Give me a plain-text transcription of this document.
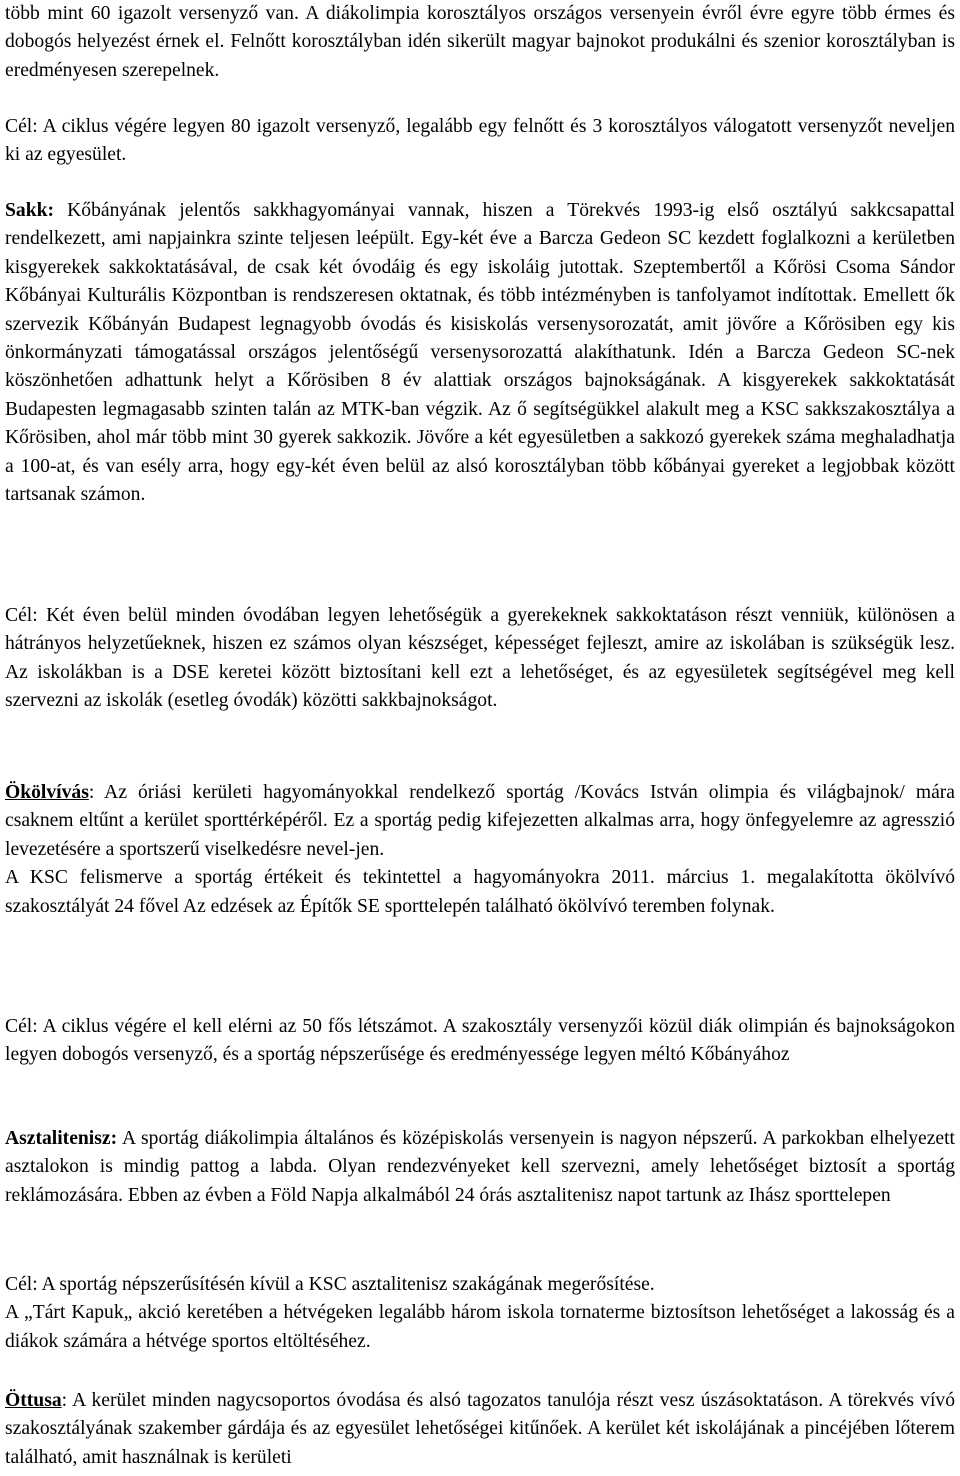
több mint 60 igazolt versenyző van. A diákolimpia korosztályos országos versenyein évről évre egyre több érmes és dobogós helyezést érnek el. Felnőtt korosztályban idén sikerült magyar bajnokot produkálni és szenior korosztályban is eredményesen szerepelnek.

Cél: A ciklus végére legyen 80 igazolt versenyző, legalább egy felnőtt és 3 korosztályos válogatott versenyzőt neveljen ki az egyesület.

Sakk: Kőbányának jelentős sakkhagyományai vannak, hiszen a Törekvés 1993-ig első osztályú sakkcsapattal rendelkezett, ami napjainkra szinte teljesen leépült. Egy-két éve a Barcza Gedeon SC kezdett foglalkozni a kerületben kisgyerekek sakkoktatásával, de csak két óvodáig és egy iskoláig jutottak. Szeptembertől a Kőrösi Csoma Sándor Kőbányai Kulturális Központban is rendszeresen oktatnak, és több intézményben is tanfolyamot indítottak. Emellett ők szervezik Kőbányán Budapest legnagyobb óvodás és kisiskolás versenysorozatát, amit jövőre a Kőrösiben egy kis önkormányzati támogatással országos jelentőségű versenysorozattá alakíthatunk. Idén a Barcza Gedeon SC-nek köszönhetően adhattunk helyt a Kőrösiben 8 év alattiak országos bajnokságának. A kisgyerekek sakkoktatását Budapesten legmagasabb szinten talán az MTK-ban végzik. Az ő segítségükkel alakult meg a KSC sakkszakosztálya a Kőrösiben, ahol már több mint 30 gyerek sakkozik. Jövőre a két egyesületben a sakkozó gyerekek száma meghaladhatja a 100-at, és van esély arra, hogy egy-két éven belül az alsó korosztályban több kőbányai gyereket a legjobbak között tartsanak számon.

Cél: Két éven belül minden óvodában legyen lehetőségük a gyerekeknek sakkoktatáson részt venniük, különösen a hátrányos helyzetűeknek, hiszen ez számos olyan készséget, képességet fejleszt, amire az iskolában is szükségük lesz. Az iskolákban is a DSE keretei között biztosítani kell ezt a lehetőséget, és az egyesületek segítségével meg kell szervezni az iskolák (esetleg óvodák) közötti sakkbajnokságot.

Ökölvívás: Az óriási kerületi hagyományokkal rendelkező sportág /Kovács István olimpia és világbajnok/ mára csaknem eltűnt a kerület sporttérképéről. Ez a sportág pedig kifejezetten alkalmas arra, hogy önfegyelemre az agresszió levezetésére a sportszerű viselkedésre nevel-jen.

A KSC felismerve a sportág értékeit és tekintettel a hagyományokra 2011. március 1. megalakította ökölvívó szakosztályát 24 fővel Az edzések az Építők SE sporttelepén található ökölvívó teremben folynak.

Cél: A ciklus végére el kell elérni az 50 fős létszámot. A szakosztály versenyzői közül diák olimpián és bajnokságokon legyen dobogós versenyző, és a sportág népszerűsége és eredményessége legyen méltó Kőbányához

Asztalitenisz: A sportág diákolimpia általános és középiskolás versenyein is nagyon népszerű. A parkokban elhelyezett asztalokon is mindig pattog a labda. Olyan rendezvényeket kell szervezni, amely lehetőséget biztosít a sportág reklámozására. Ebben az évben a Föld Napja alkalmából 24 órás asztalitenisz napot tartunk az Ihász sporttelepen

Cél: A sportág népszerűsítésén kívül a KSC asztalitenisz szakágának megerősítése.

A „Tárt Kapuk„ akció keretében a hétvégeken legalább három iskola tornaterme biztosítson lehetőséget a lakosság és a diákok számára a hétvége sportos eltöltéséhez.

Öttusa: A kerület minden nagycsoportos óvodása és alsó tagozatos tanulója részt vesz úszásoktatáson. A törekvés vívó szakosztályának szakember gárdája és az egyesület lehetőségei kitűnőek. A kerület két iskolájának a pincéjében lőterem található, amit használnak is kerületi
